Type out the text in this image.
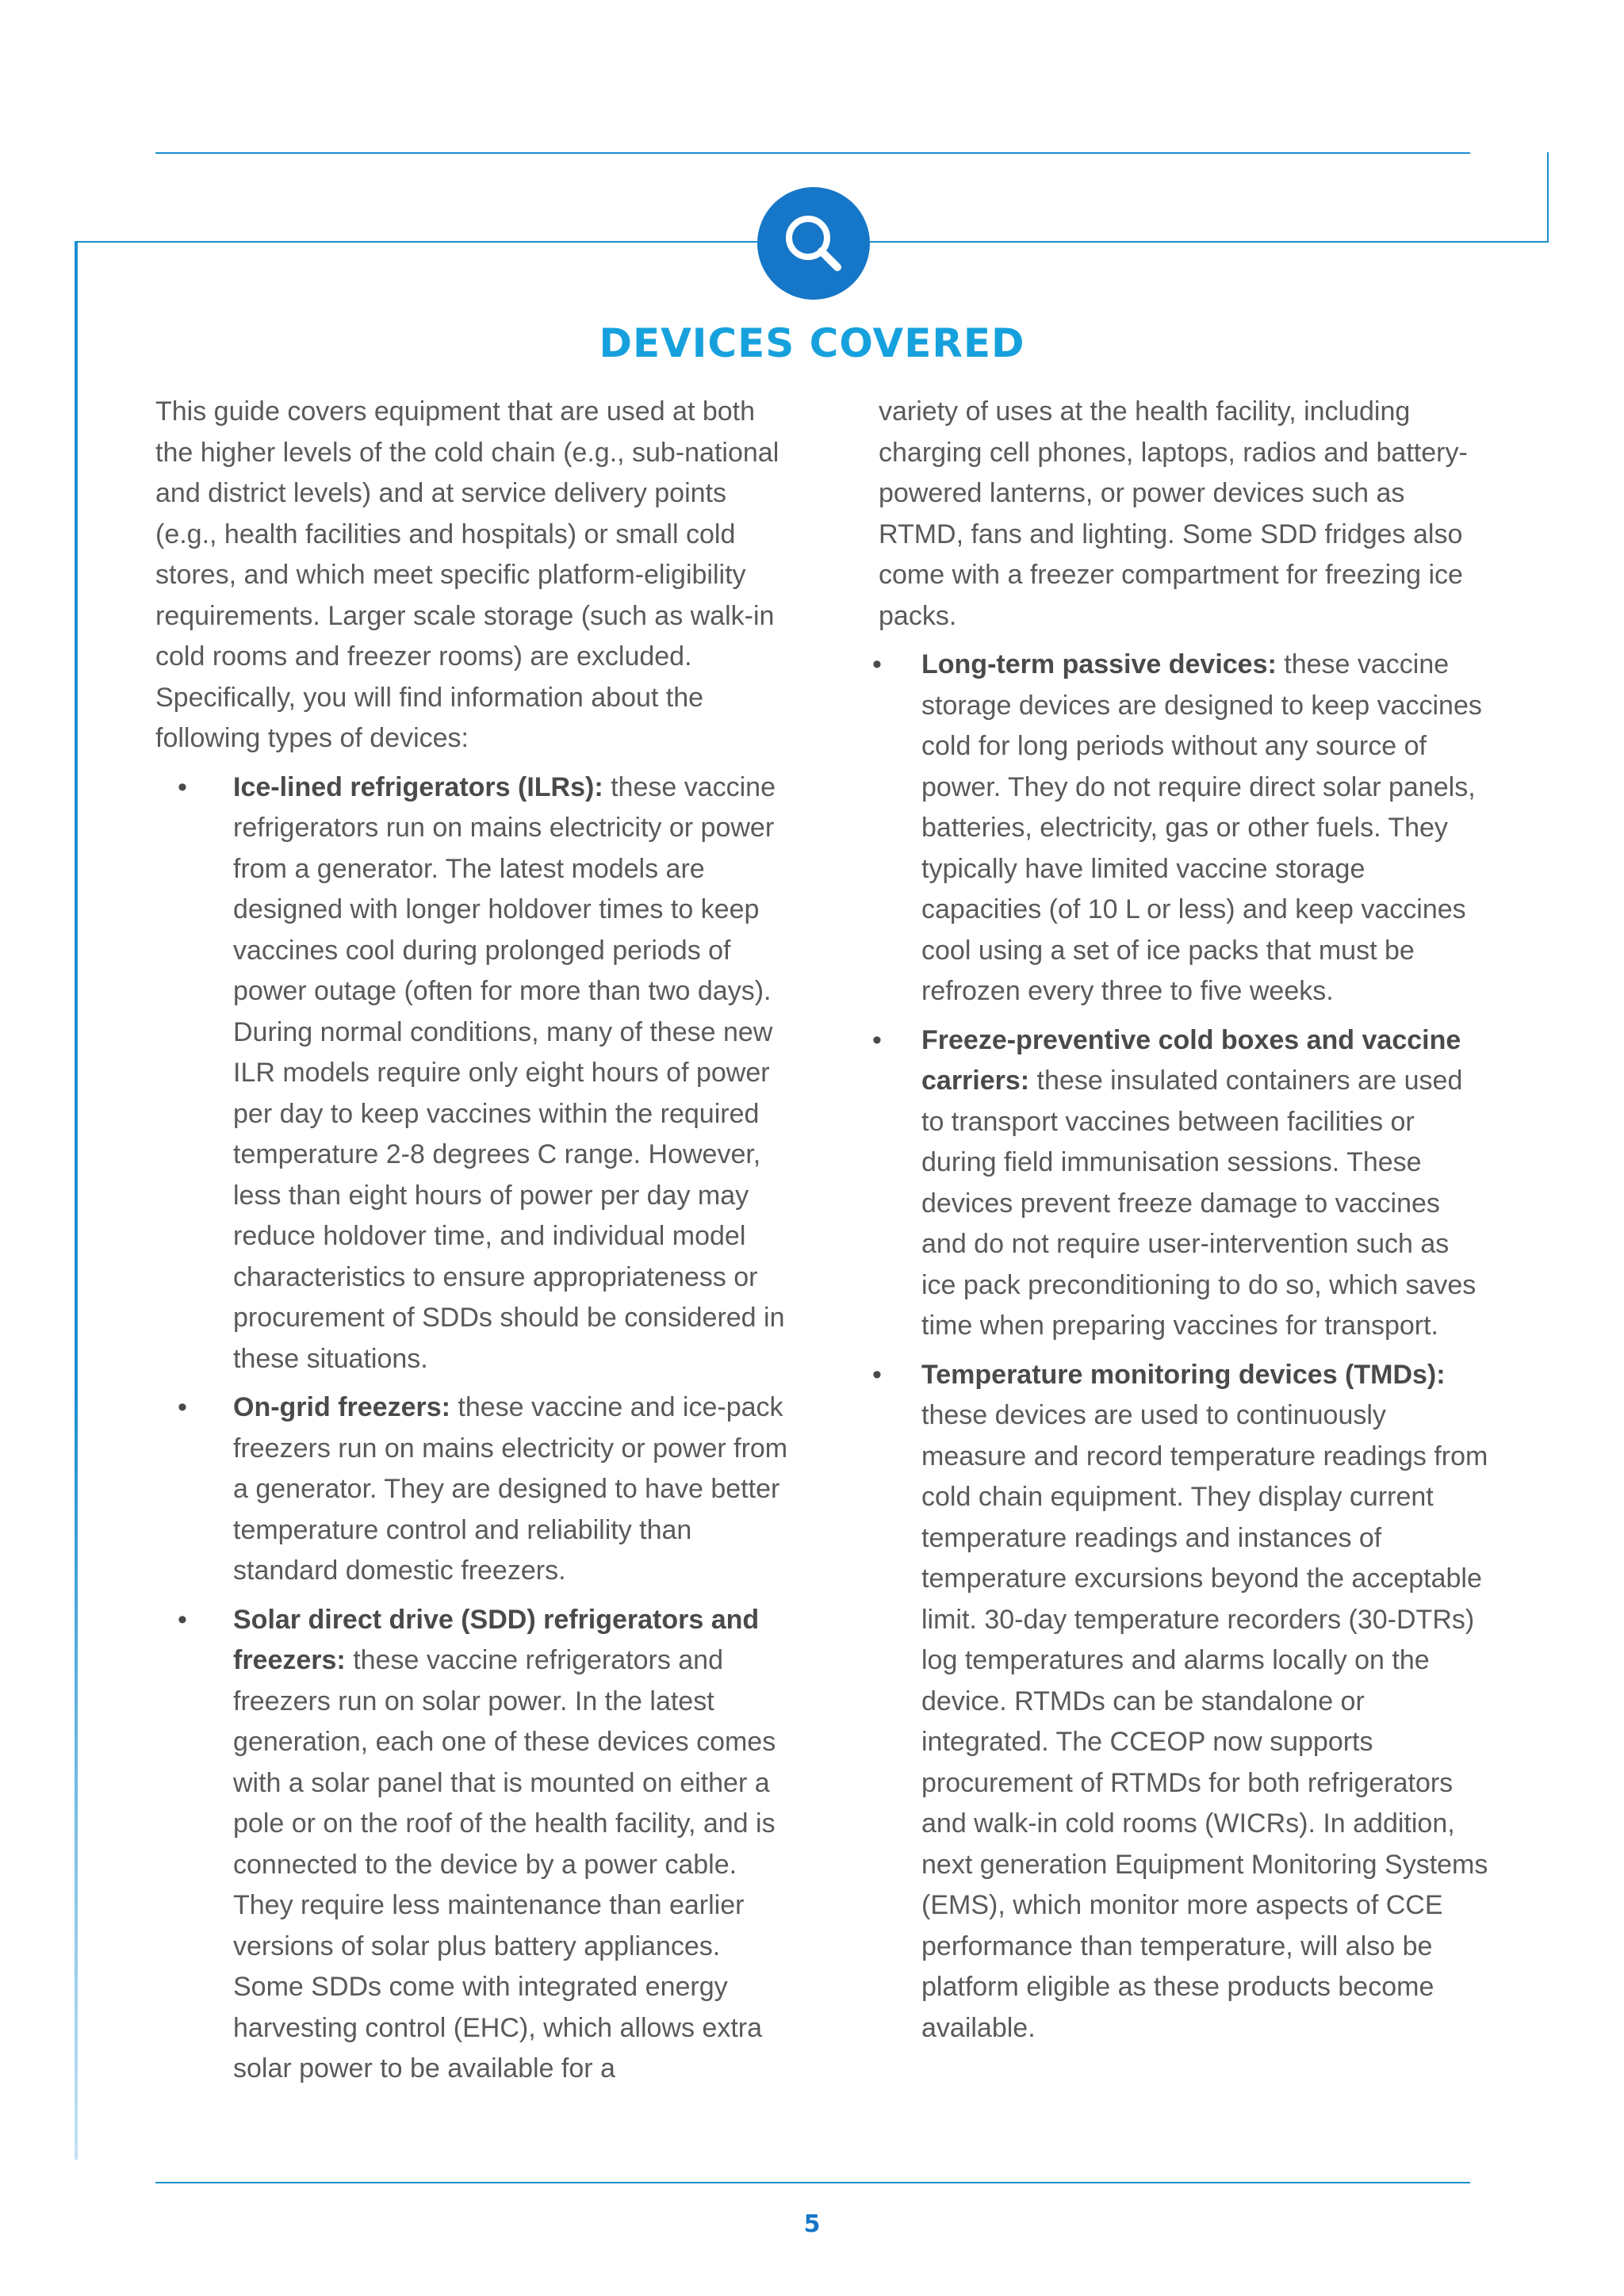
DEVICES COVERED

This guide covers equipment that are used at both the higher levels of the cold chain (e.g., sub-national and district levels) and at service delivery points (e.g., health facilities and hospitals) or small cold stores, and which meet specific platform-eligibility requirements. Larger scale storage (such as walk-in cold rooms and freezer rooms) are excluded. Specifically, you will find information about the following types of devices:

• Ice-lined refrigerators (ILRs): these vaccine refrigerators run on mains electricity or power from a generator. The latest models are designed with longer holdover times to keep vaccines cool during prolonged periods of power outage (often for more than two days). During normal conditions, many of these new ILR models require only eight hours of power per day to keep vaccines within the required temperature 2-8 degrees C range. However, less than eight hours of power per day may reduce holdover time, and individual model characteristics to ensure appropriateness or procurement of SDDs should be considered in these situations.
• On-grid freezers: these vaccine and ice-pack freezers run on mains electricity or power from a generator. They are designed to have better temperature control and reliability than standard domestic freezers.
• Solar direct drive (SDD) refrigerators and freezers: these vaccine refrigerators and freezers run on solar power. In the latest generation, each one of these devices comes with a solar panel that is mounted on either a pole or on the roof of the health facility, and is connected to the device by a power cable. They require less maintenance than earlier versions of solar plus battery appliances. Some SDDs come with integrated energy harvesting control (EHC), which allows extra solar power to be available for a

variety of uses at the health facility, including charging cell phones, laptops, radios and battery-powered lanterns, or power devices such as RTMD, fans and lighting. Some SDD fridges also come with a freezer compartment for freezing ice packs.

• Long-term passive devices: these vaccine storage devices are designed to keep vaccines cold for long periods without any source of power. They do not require direct solar panels, batteries, electricity, gas or other fuels. They typically have limited vaccine storage capacities (of 10 L or less) and keep vaccines cool using a set of ice packs that must be refrozen every three to five weeks.
• Freeze-preventive cold boxes and vaccine carriers: these insulated containers are used to transport vaccines between facilities or during field immunisation sessions. These devices prevent freeze damage to vaccines and do not require user-intervention such as ice pack preconditioning to do so, which saves time when preparing vaccines for transport.
• Temperature monitoring devices (TMDs): these devices are used to continuously measure and record temperature readings from cold chain equipment. They display current temperature readings and instances of temperature excursions beyond the acceptable limit. 30-day temperature recorders (30-DTRs) log temperatures and alarms locally on the device. RTMDs can be standalone or integrated. The CCEOP now supports procurement of RTMDs for both refrigerators and walk-in cold rooms (WICRs). In addition, next generation Equipment Monitoring Systems (EMS), which monitor more aspects of CCE performance than temperature, will also be platform eligible as these products become available.
5
